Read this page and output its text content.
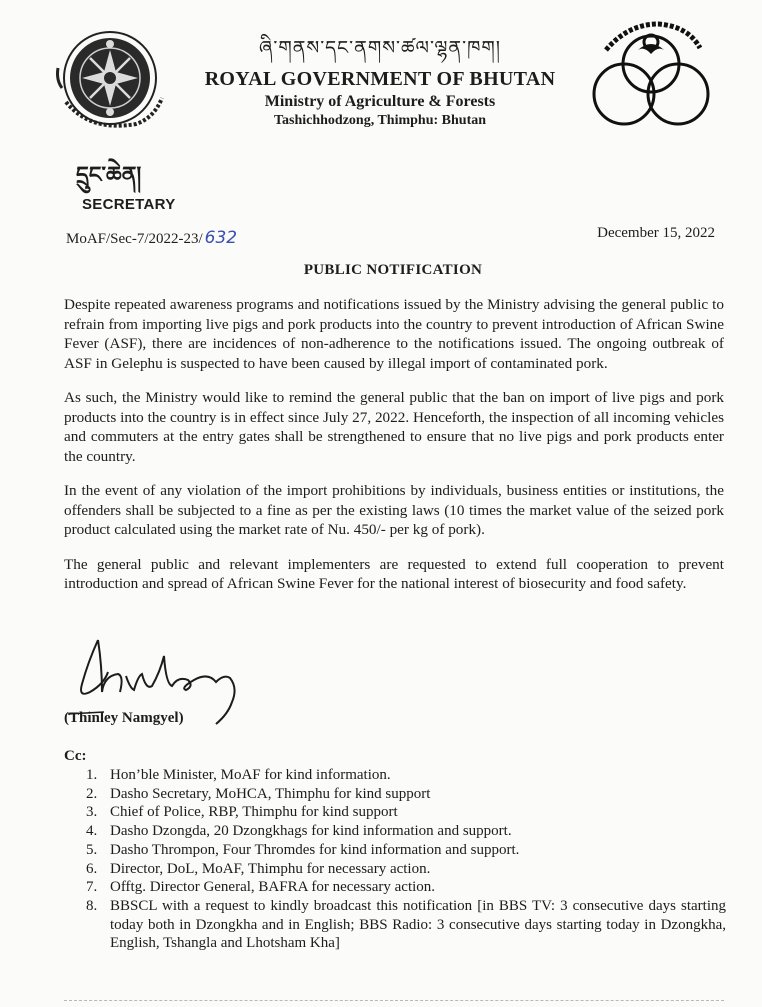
ཞི་གནས་དང་ནགས་ཚལ་ལྷན་ཁག།
ROYAL GOVERNMENT OF BHUTAN
Ministry of Agriculture & Forests
Tashichhodzong, Thimphu: Bhutan
དྲུང་ཆེན།
SECRETARY
MoAF/Sec-7/2022-23/ 632	December 15, 2022
PUBLIC NOTIFICATION

Despite repeated awareness programs and notifications issued by the Ministry advising the general public to refrain from importing live pigs and pork products into the country to prevent introduction of African Swine Fever (ASF), there are incidences of non-adherence to the notifications issued. The ongoing outbreak of ASF in Gelephu is suspected to have been caused by illegal import of contaminated pork.

As such, the Ministry would like to remind the general public that the ban on import of live pigs and pork products into the country is in effect since July 27, 2022. Henceforth, the inspection of all incoming vehicles and commuters at the entry gates shall be strengthened to ensure that no live pigs and pork products enter the country.

In the event of any violation of the import prohibitions by individuals, business entities or institutions, the offenders shall be subjected to a fine as per the existing laws (10 times the market value of the seized pork product calculated using the market rate of Nu. 450/- per kg of pork).

The general public and relevant implementers are requested to extend full cooperation to prevent introduction and spread of African Swine Fever for the national interest of biosecurity and food safety.

(Thinley Namgyel)
Cc:
1. Hon’ble Minister, MoAF for kind information.
2. Dasho Secretary, MoHCA, Thimphu for kind support
3. Chief of Police, RBP, Thimphu for kind support
4. Dasho Dzongda, 20 Dzongkhags for kind information and support.
5. Dasho Thrompon, Four Thromdes for kind information and support.
6. Director, DoL, MoAF, Thimphu for necessary action.
7. Offtg. Director General, BAFRA for necessary action.
8. BBSCL with a request to kindly broadcast this notification [in BBS TV: 3 consecutive days starting today both in Dzongkha and in English; BBS Radio: 3 consecutive days starting today in Dzongkha, English, Tshangla and Lhotsham Kha]
